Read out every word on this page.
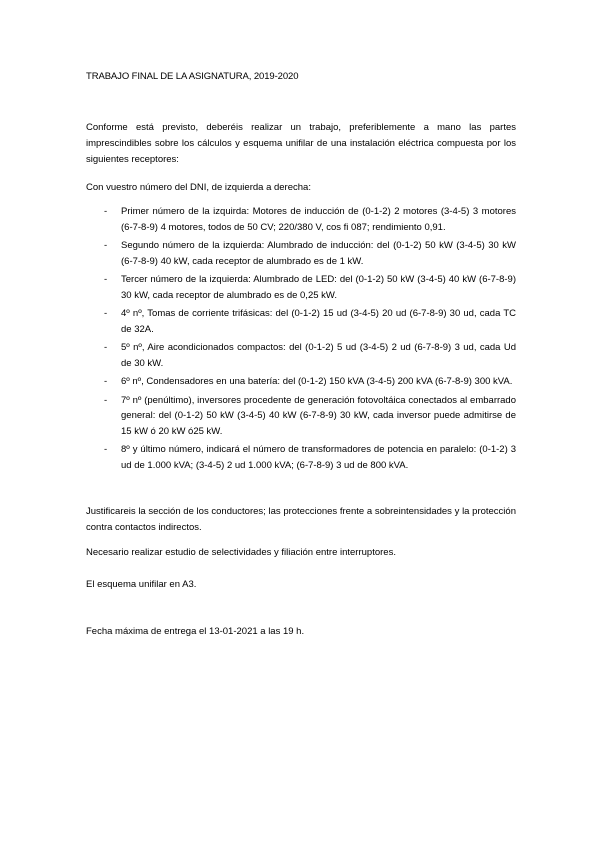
TRABAJO FINAL DE LA ASIGNATURA, 2019-2020
Conforme está previsto, deberéis realizar un trabajo, preferiblemente a mano las partes imprescindibles sobre los cálculos y esquema unifilar de una instalación eléctrica compuesta por los siguientes receptores:
Con vuestro número del DNI, de izquierda a derecha:
- Primer número de la izquirda: Motores de inducción de (0-1-2) 2 motores (3-4-5) 3 motores (6-7-8-9) 4 motores, todos de 50 CV; 220/380 V, cos fi 087; rendimiento 0,91.
- Segundo número de la izquierda: Alumbrado de inducción: del (0-1-2) 50 kW (3-4-5) 30 kW (6-7-8-9) 40 kW, cada receptor de alumbrado es de 1 kW.
- Tercer número de la izquierda: Alumbrado de LED: del (0-1-2) 50 kW (3-4-5) 40 kW (6-7-8-9) 30 kW, cada receptor de alumbrado es de 0,25 kW.
- 4º nº, Tomas de corriente trifásicas: del (0-1-2) 15 ud (3-4-5) 20 ud (6-7-8-9) 30 ud, cada TC de 32A.
- 5º nº, Aire acondicionados compactos: del (0-1-2) 5 ud (3-4-5) 2 ud (6-7-8-9) 3 ud, cada Ud de 30 kW.
- 6º nº, Condensadores en una batería: del (0-1-2) 150 kVA (3-4-5) 200 kVA (6-7-8-9) 300 kVA.
- 7º nº (penúltimo), inversores procedente de generación fotovoltáica conectados al embarrado general: del (0-1-2) 50 kW (3-4-5) 40 kW (6-7-8-9) 30 kW, cada inversor puede admitirse de 15 kW ó 20 kW ó25 kW.
- 8º y último número, indicará el número de transformadores de potencia en paralelo: (0-1-2) 3 ud de 1.000 kVA; (3-4-5) 2 ud 1.000 kVA; (6-7-8-9) 3 ud de 800 kVA.
Justificareis la sección de los conductores; las protecciones frente a sobreintensidades y la protección contra contactos indirectos.
Necesario realizar estudio de selectividades y filiación entre interruptores.
El esquema unifilar en A3.
Fecha máxima de entrega el 13-01-2021 a las 19 h.
